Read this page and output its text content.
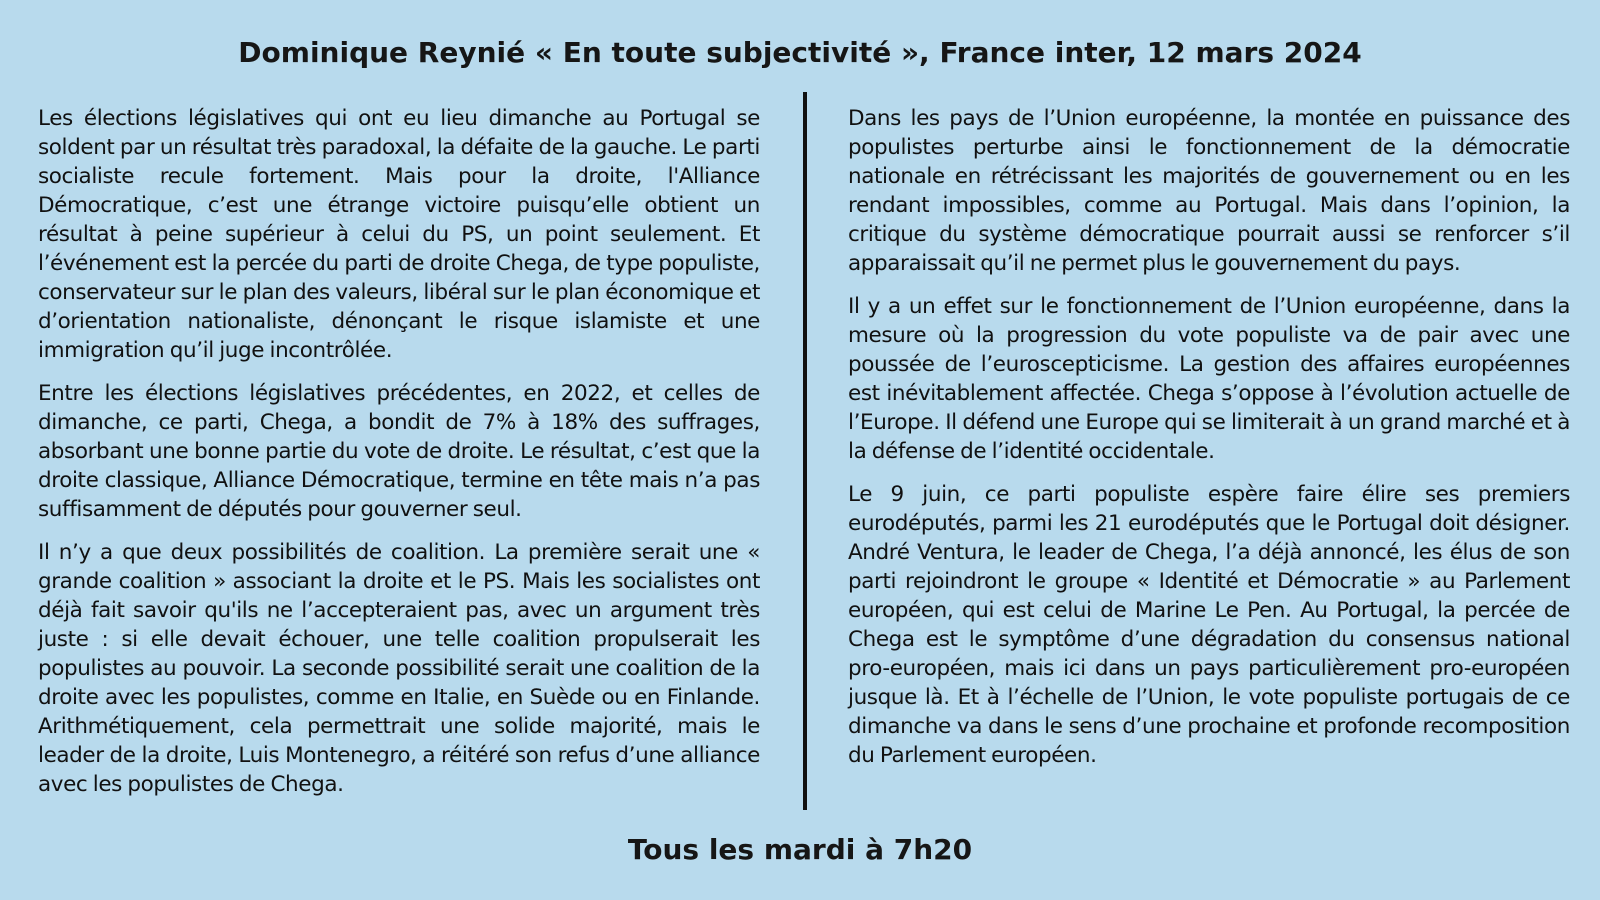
Dominique Reynié « En toute subjectivité », France inter, 12 mars 2024

Les élections législatives qui ont eu lieu dimanche au Portugal se soldent par un résultat très paradoxal, la défaite de la gauche. Le parti socialiste recule fortement. Mais pour la droite, l'Alliance Démocratique, c’est une étrange victoire puisqu’elle obtient un résultat à peine supérieur à celui du PS, un point seulement. Et l’événement est la percée du parti de droite Chega, de type populiste, conservateur sur le plan des valeurs, libéral sur le plan économique et d’orientation nationaliste, dénonçant le risque islamiste et une immigration qu’il juge incontrôlée.

Entre les élections législatives précédentes, en 2022, et celles de dimanche, ce parti, Chega, a bondit de 7% à 18% des suffrages, absorbant une bonne partie du vote de droite. Le résultat, c’est que la droite classique, Alliance Démocratique, termine en tête mais n’a pas suffisamment de députés pour gouverner seul.

Il n’y a que deux possibilités de coalition. La première serait une « grande coalition » associant la droite et le PS. Mais les socialistes ont déjà fait savoir qu'ils ne l’accepteraient pas, avec un argument très juste : si elle devait échouer, une telle coalition propulserait les populistes au pouvoir. La seconde possibilité serait une coalition de la droite avec les populistes, comme en Italie, en Suède ou en Finlande. Arithmétiquement, cela permettrait une solide majorité, mais le leader de la droite, Luis Montenegro, a réitéré son refus d’une alliance avec les populistes de Chega.

Dans les pays de l’Union européenne, la montée en puissance des populistes perturbe ainsi le fonctionnement de la démocratie nationale en rétrécissant les majorités de gouvernement ou en les rendant impossibles, comme au Portugal. Mais dans l’opinion, la critique du système démocratique pourrait aussi se renforcer s’il apparaissait qu’il ne permet plus le gouvernement du pays.

Il y a un effet sur le fonctionnement de l’Union européenne, dans la mesure où la progression du vote populiste va de pair avec une poussée de l’euroscepticisme. La gestion des affaires européennes est inévitablement affectée. Chega s’oppose à l’évolution actuelle de l’Europe. Il défend une Europe qui se limiterait à un grand marché et à la défense de l’identité occidentale.

Le 9 juin, ce parti populiste espère faire élire ses premiers eurodéputés, parmi les 21 eurodéputés que le Portugal doit désigner. André Ventura, le leader de Chega, l’a déjà annoncé, les élus de son parti rejoindront le groupe « Identité et Démocratie » au Parlement européen, qui est celui de Marine Le Pen. Au Portugal, la percée de Chega est le symptôme d’une dégradation du consensus national pro-européen, mais ici dans un pays particulièrement pro-européen jusque là. Et à l’échelle de l’Union, le vote populiste portugais de ce dimanche va dans le sens d’une prochaine et profonde recomposition du Parlement européen.

Tous les mardi à 7h20
